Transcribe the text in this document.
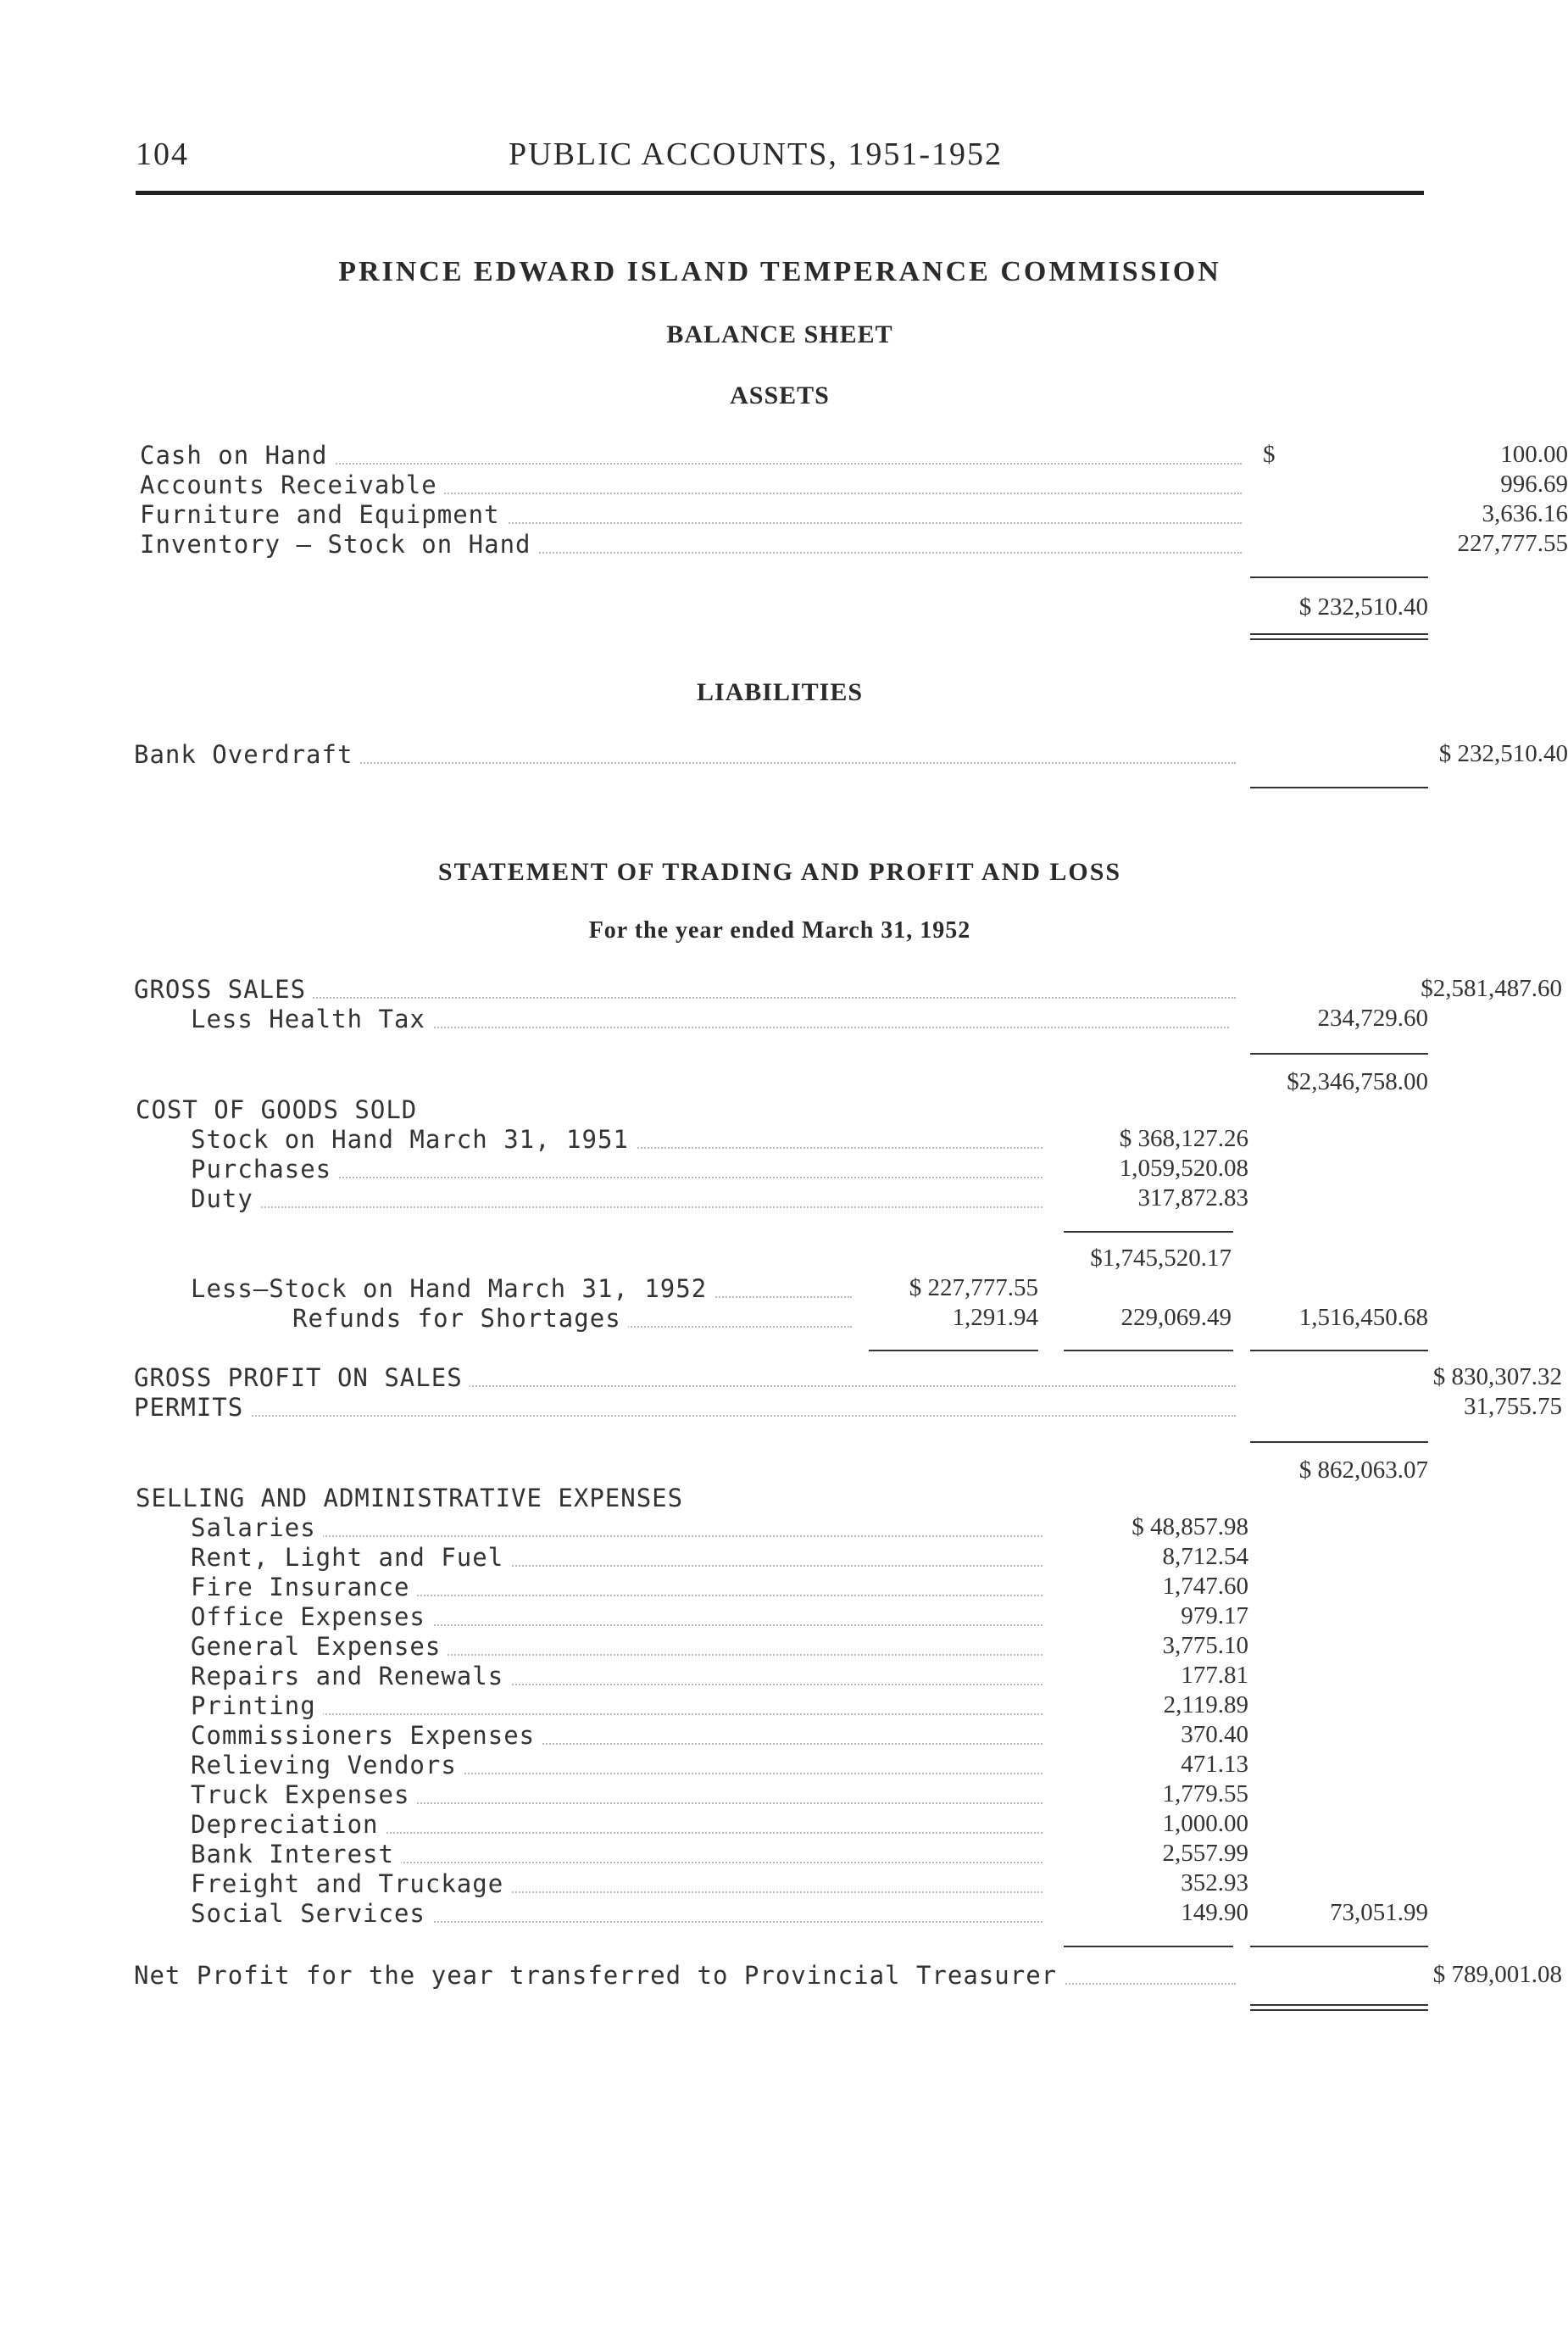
104	PUBLIC ACCOUNTS, 1951-1952
PRINCE EDWARD ISLAND TEMPERANCE COMMISSION
BALANCE SHEET
ASSETS
Cash on Hand	$	100.00
Accounts Receivable	996.69
Furniture and Equipment	3,636.16
Inventory — Stock on Hand	227,777.55
$ 232,510.40
LIABILITIES
Bank Overdraft	$ 232,510.40
STATEMENT OF TRADING AND PROFIT AND LOSS
For the year ended March 31, 1952
GROSS SALES	$2,581,487.60
Less Health Tax	234,729.60
$2,346,758.00
COST OF GOODS SOLD
Stock on Hand March 31, 1951	$ 368,127.26
Purchases	1,059,520.08
Duty	317,872.83
$1,745,520.17
Less—Stock on Hand March 31, 1952	$ 227,777.55
Refunds for Shortages	1,291.94	229,069.49	1,516,450.68
GROSS PROFIT ON SALES	$ 830,307.32
PERMITS	31,755.75
$ 862,063.07
SELLING AND ADMINISTRATIVE EXPENSES
Salaries	$ 48,857.98
Rent, Light and Fuel	8,712.54
Fire Insurance	1,747.60
Office Expenses	979.17
General Expenses	3,775.10
Repairs and Renewals	177.81
Printing	2,119.89
Commissioners Expenses	370.40
Relieving Vendors	471.13
Truck Expenses	1,779.55
Depreciation	1,000.00
Bank Interest	2,557.99
Freight and Truckage	352.93
Social Services	149.90	73,051.99
Net Profit for the year transferred to Provincial Treasurer	$ 789,001.08
